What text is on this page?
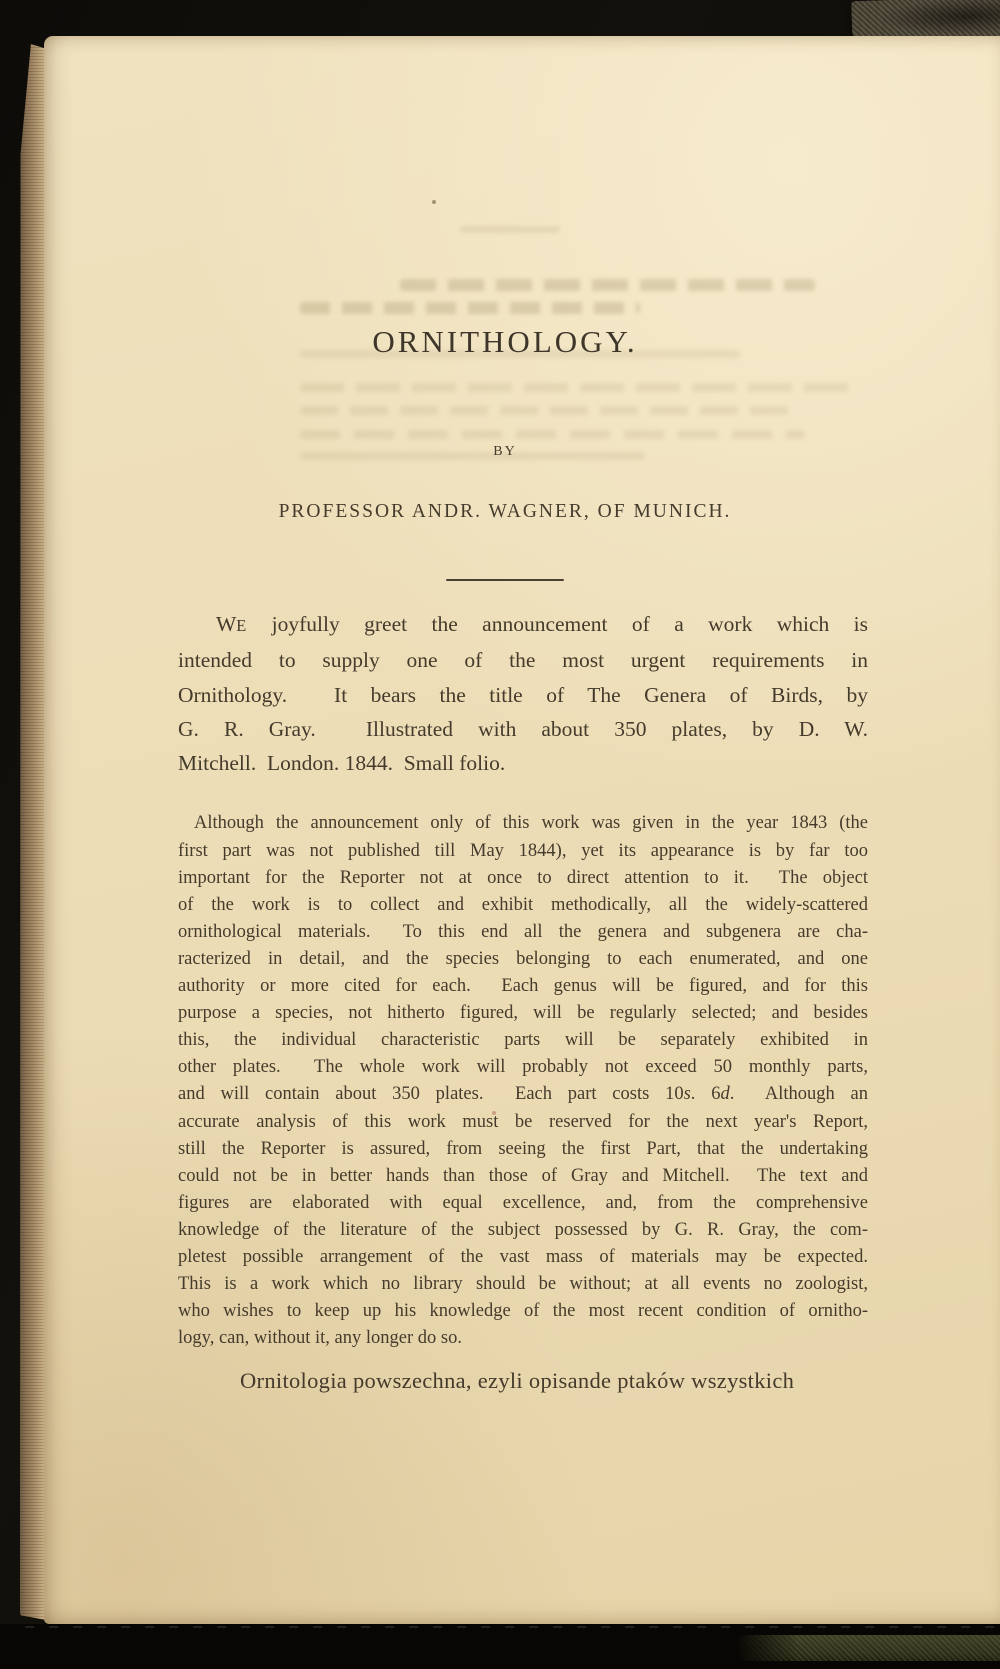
ORNITHOLOGY.
BY
PROFESSOR ANDR. WAGNER, OF MUNICH.
WE joyfully greet the announcement of a work which is
intended to supply one of the most urgent requirements in
Ornithology.  It bears the title of The Genera of Birds, by
G. R. Gray.  Illustrated with about 350 plates, by D. W.
Mitchell.  London. 1844.  Small folio.
Although the announcement only of this work was given in the year 1843 (the
first part was not published till May 1844), yet its appearance is by far too
important for the Reporter not at once to direct attention to it.  The object
of the work is to collect and exhibit methodically, all the widely-scattered
ornithological materials.  To this end all the genera and subgenera are cha-
racterized in detail, and the species belonging to each enumerated, and one
authority or more cited for each.  Each genus will be figured, and for this
purpose a species, not hitherto figured, will be regularly selected; and besides
this, the individual characteristic parts will be separately exhibited in
other plates.  The whole work will probably not exceed 50 monthly parts,
and will contain about 350 plates.  Each part costs 10s. 6d.  Although an
accurate analysis of this work must be reserved for the next year's Report,
still the Reporter is assured, from seeing the first Part, that the undertaking
could not be in better hands than those of Gray and Mitchell.  The text and
figures are elaborated with equal excellence, and, from the comprehensive
knowledge of the literature of the subject possessed by G. R. Gray, the com-
pletest possible arrangement of the vast mass of materials may be expected.
This is a work which no library should be without; at all events no zoologist,
who wishes to keep up his knowledge of the most recent condition of ornitho-
logy, can, without it, any longer do so.
Ornitologia powszechna, ezyli opisande ptaków wszystkich
